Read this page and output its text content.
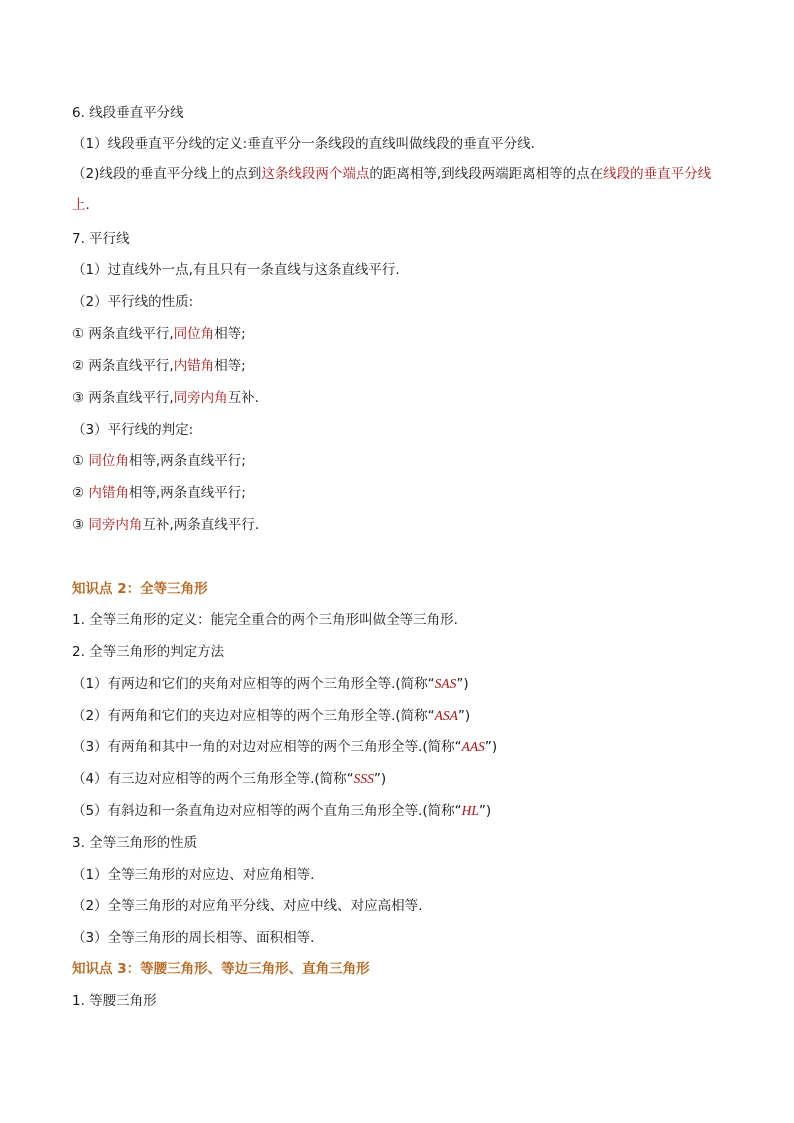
6. 线段垂直平分线
（1）线段垂直平分线的定义:垂直平分一条线段的直线叫做线段的垂直平分线.
（2)线段的垂直平分线上的点到这条线段两个端点的距离相等,到线段两端距离相等的点在线段的垂直平分线上.
7. 平行线
（1）过直线外一点,有且只有一条直线与这条直线平行.
（2）平行线的性质:
① 两条直线平行,同位角相等;
② 两条直线平行,内错角相等;
③ 两条直线平行,同旁内角互补.
（3）平行线的判定:
① 同位角相等,两条直线平行;
② 内错角相等,两条直线平行;
③ 同旁内角互补,两条直线平行.
知识点 2：全等三角形
1. 全等三角形的定义：能完全重合的两个三角形叫做全等三角形.
2. 全等三角形的判定方法
（1）有两边和它们的夹角对应相等的两个三角形全等.(简称“SAS”)
（2）有两角和它们的夹边对应相等的两个三角形全等.(简称“ASA”)
（3）有两角和其中一角的对边对应相等的两个三角形全等.(简称“AAS”)
（4）有三边对应相等的两个三角形全等.(简称“SSS”)
（5）有斜边和一条直角边对应相等的两个直角三角形全等.(简称“HL”)
3. 全等三角形的性质
（1）全等三角形的对应边、对应角相等.
（2）全等三角形的对应角平分线、对应中线、对应高相等.
（3）全等三角形的周长相等、面积相等.
知识点 3：等腰三角形、等边三角形、直角三角形
1. 等腰三角形
